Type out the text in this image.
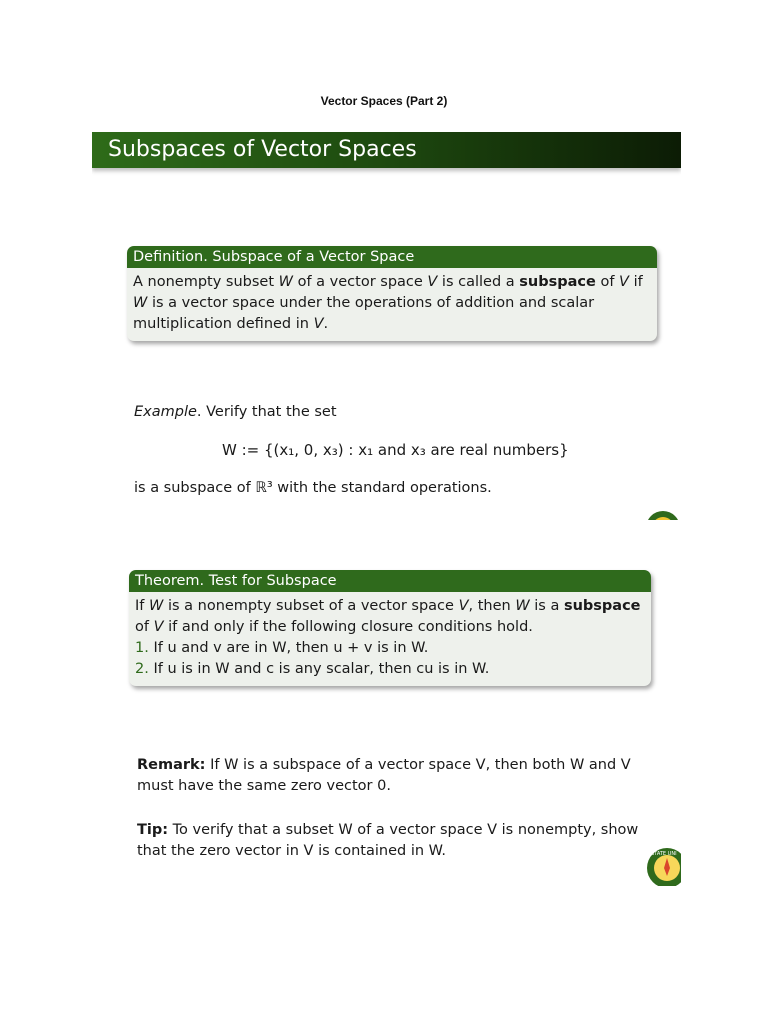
Vector Spaces (Part 2)
Subspaces of Vector Spaces
Definition. Subspace of a Vector Space
A nonempty subset W of a vector space V is called a subspace of V if W is a vector space under the operations of addition and scalar multiplication defined in V.
Example. Verify that the set
W := {(x₁, 0, x₃) : x₁ and x₃ are real numbers}
is a subspace of ℝ³ with the standard operations.
Theorem. Test for Subspace
If W is a nonempty subset of a vector space V, then W is a subspace of V if and only if the following closure conditions hold.
1. If u and v are in W, then u + v is in W.
2. If u is in W and c is any scalar, then cu is in W.
Remark: If W is a subspace of a vector space V, then both W and V must have the same zero vector 0.
Tip: To verify that a subset W of a vector space V is nonempty, show that the zero vector in V is contained in W.	STATE UNI
